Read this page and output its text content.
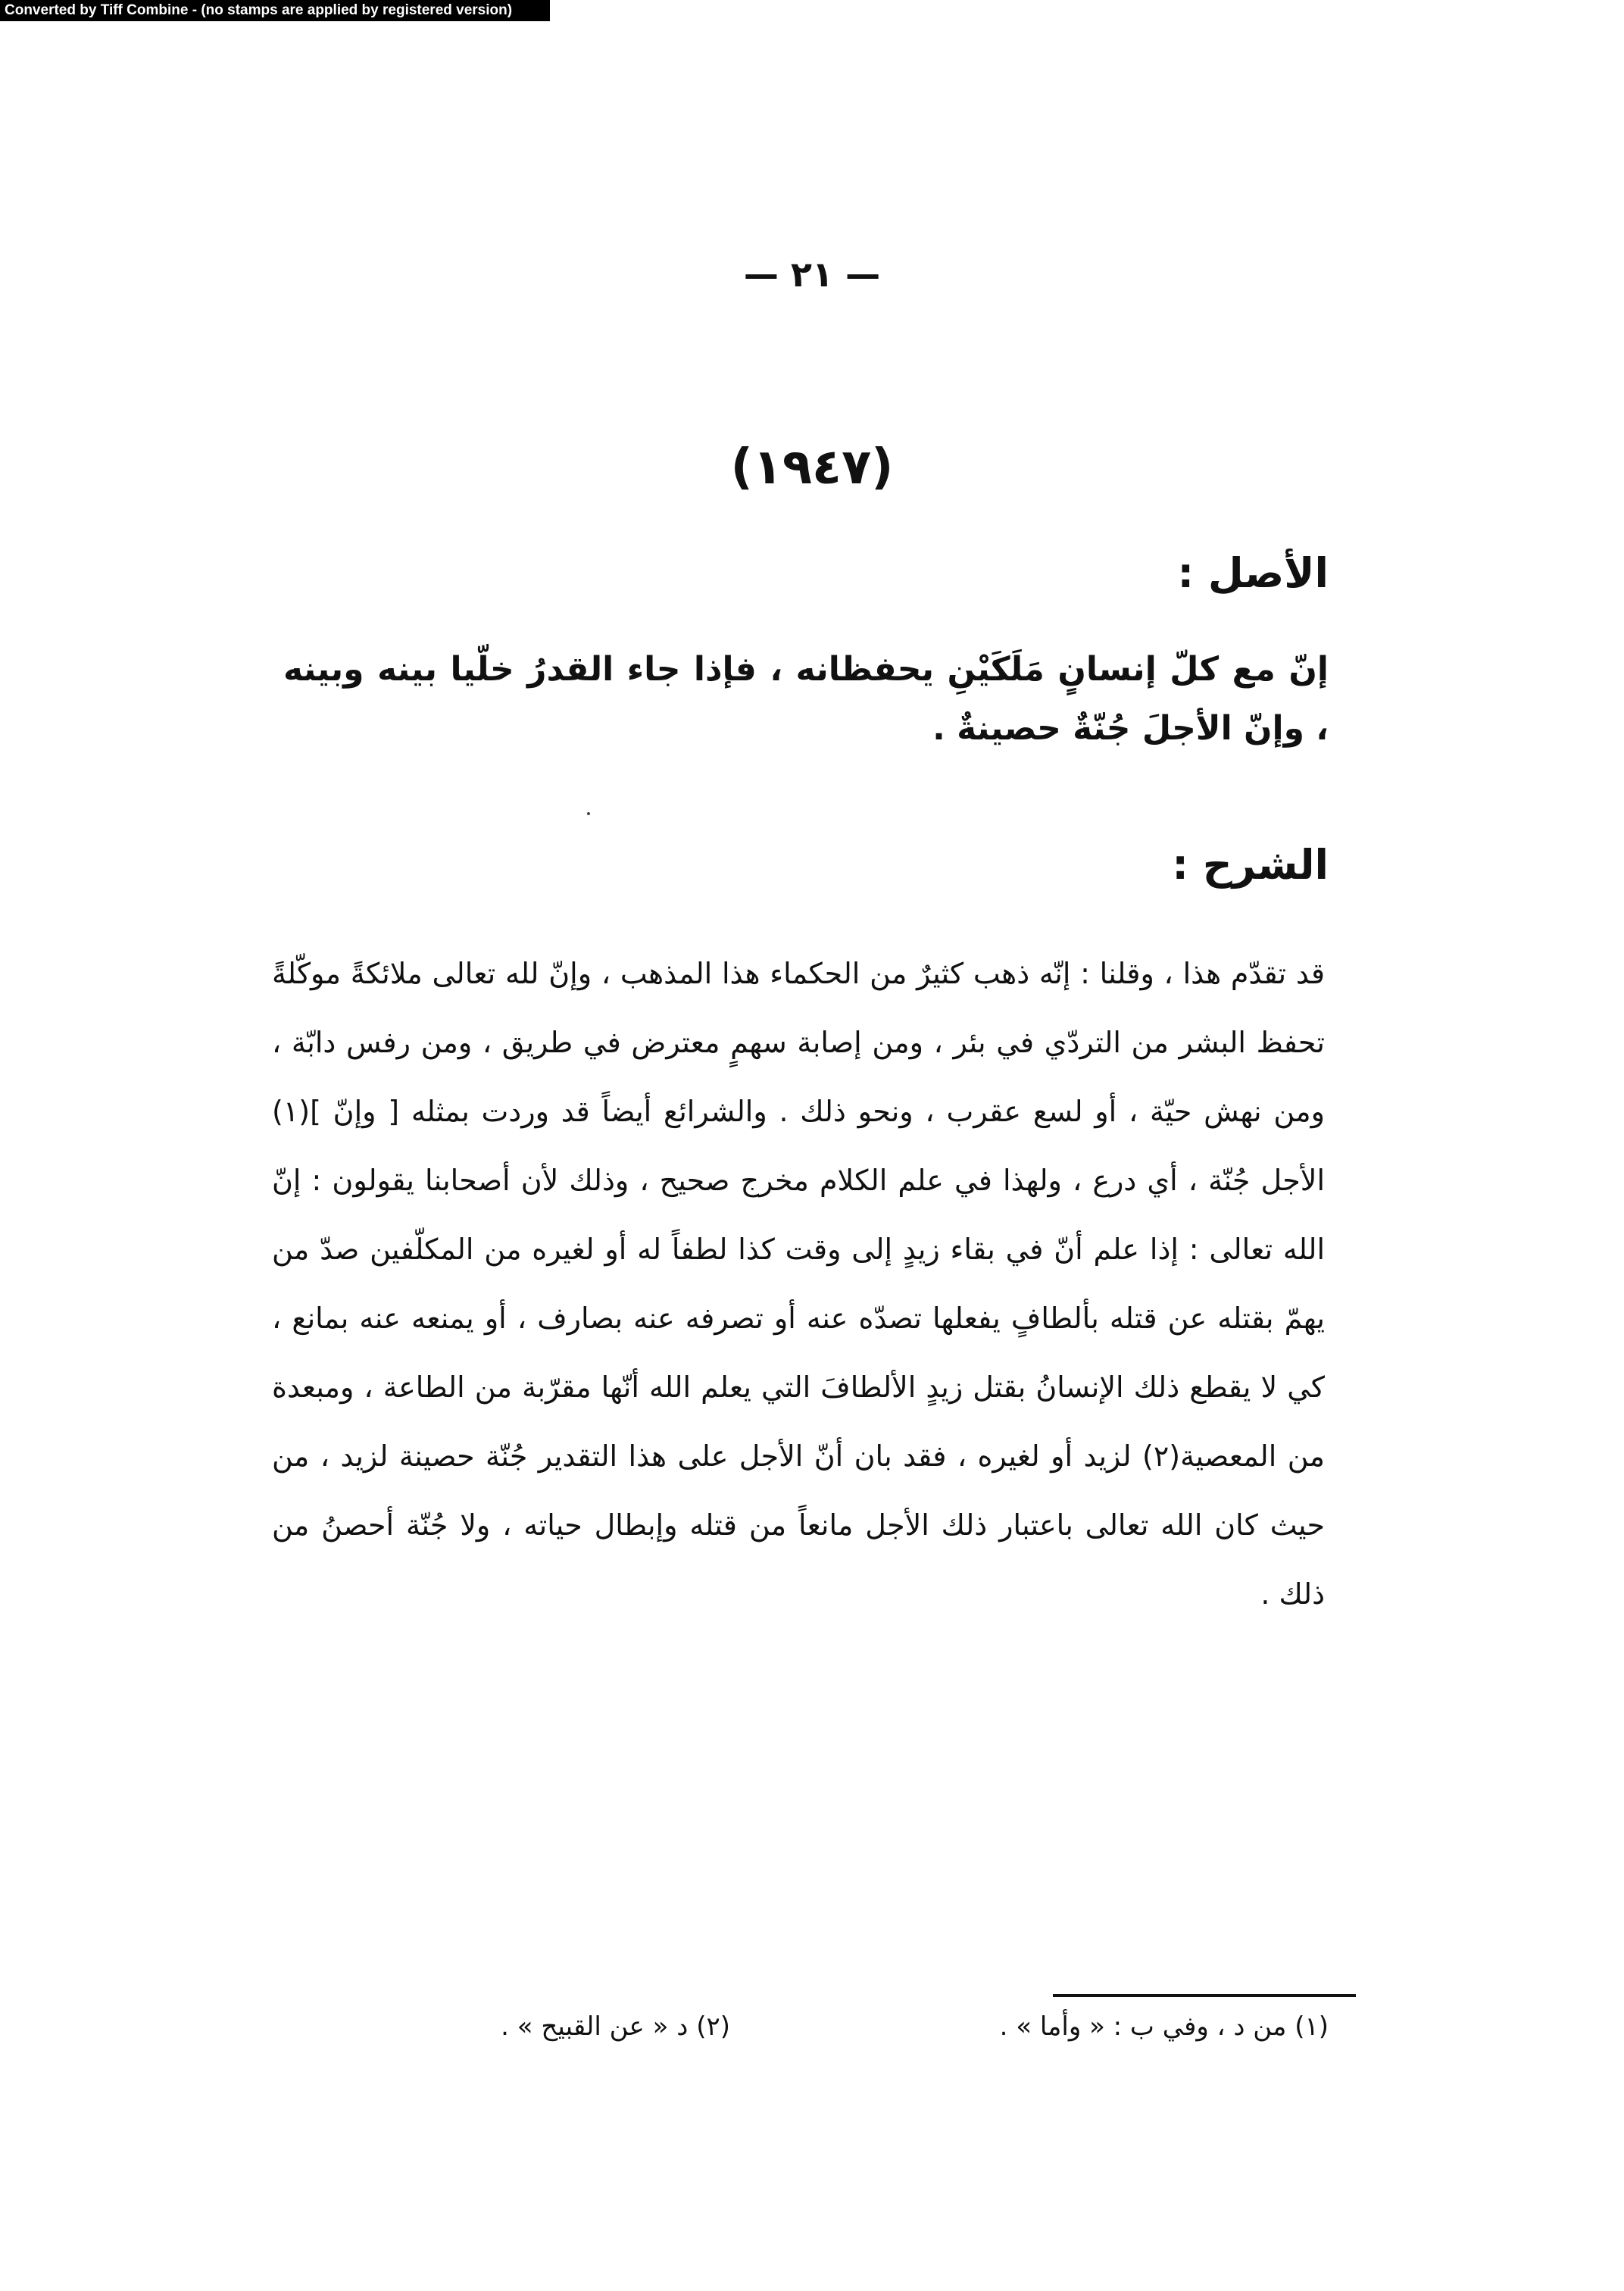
Converted by Tiff Combine - (no stamps are applied by registered version)
— ٢١ —
(١٩٤٧)
الأصل :
إنّ مع كلّ إنسانٍ مَلَكَيْنِ يحفظانه ، فإذا جاء القدرُ خلّيا بينه وبينه ، وإنّ الأجلَ جُنّةٌ حصينةٌ .
الشرح :
قد تقدّم هذا ، وقلنا : إنّه ذهب كثيرٌ من الحكماء هذا المذهب ، وإنّ لله تعالى ملائكةً موكّلةً تحفظ البشر من التردّي في بئر ، ومن إصابة سهمٍ معترض في طريق ، ومن رفس دابّة ، ومن نهش حيّة ، أو لسع عقرب ، ونحو ذلك . والشرائع أيضاً قد وردت بمثله [ وإنّ ](١) الأجل جُنّة ، أي درع ، ولهذا في علم الكلام مخرج صحيح ، وذلك لأن أصحابنا يقولون : إنّ الله تعالى : إذا علم أنّ في بقاء زيدٍ إلى وقت كذا لطفاً له أو لغيره من المكلّفين صدّ من يهمّ بقتله عن قتله بألطافٍ يفعلها تصدّه عنه أو تصرفه عنه بصارف ، أو يمنعه عنه بمانع ، كي لا يقطع ذلك الإنسانُ بقتل زيدٍ الألطافَ التي يعلم الله أنّها مقرّبة من الطاعة ، ومبعدة من المعصية(٢) لزيد أو لغيره ، فقد بان أنّ الأجل على هذا التقدير جُنّة حصينة لزيد ، من حيث كان الله تعالى باعتبار ذلك الأجل مانعاً من قتله وإبطال حياته ، ولا جُنّة أحصنُ من ذلك .
(١) من د ، وفي ب : « وأما » .
(٢) د « عن القبيح » .
